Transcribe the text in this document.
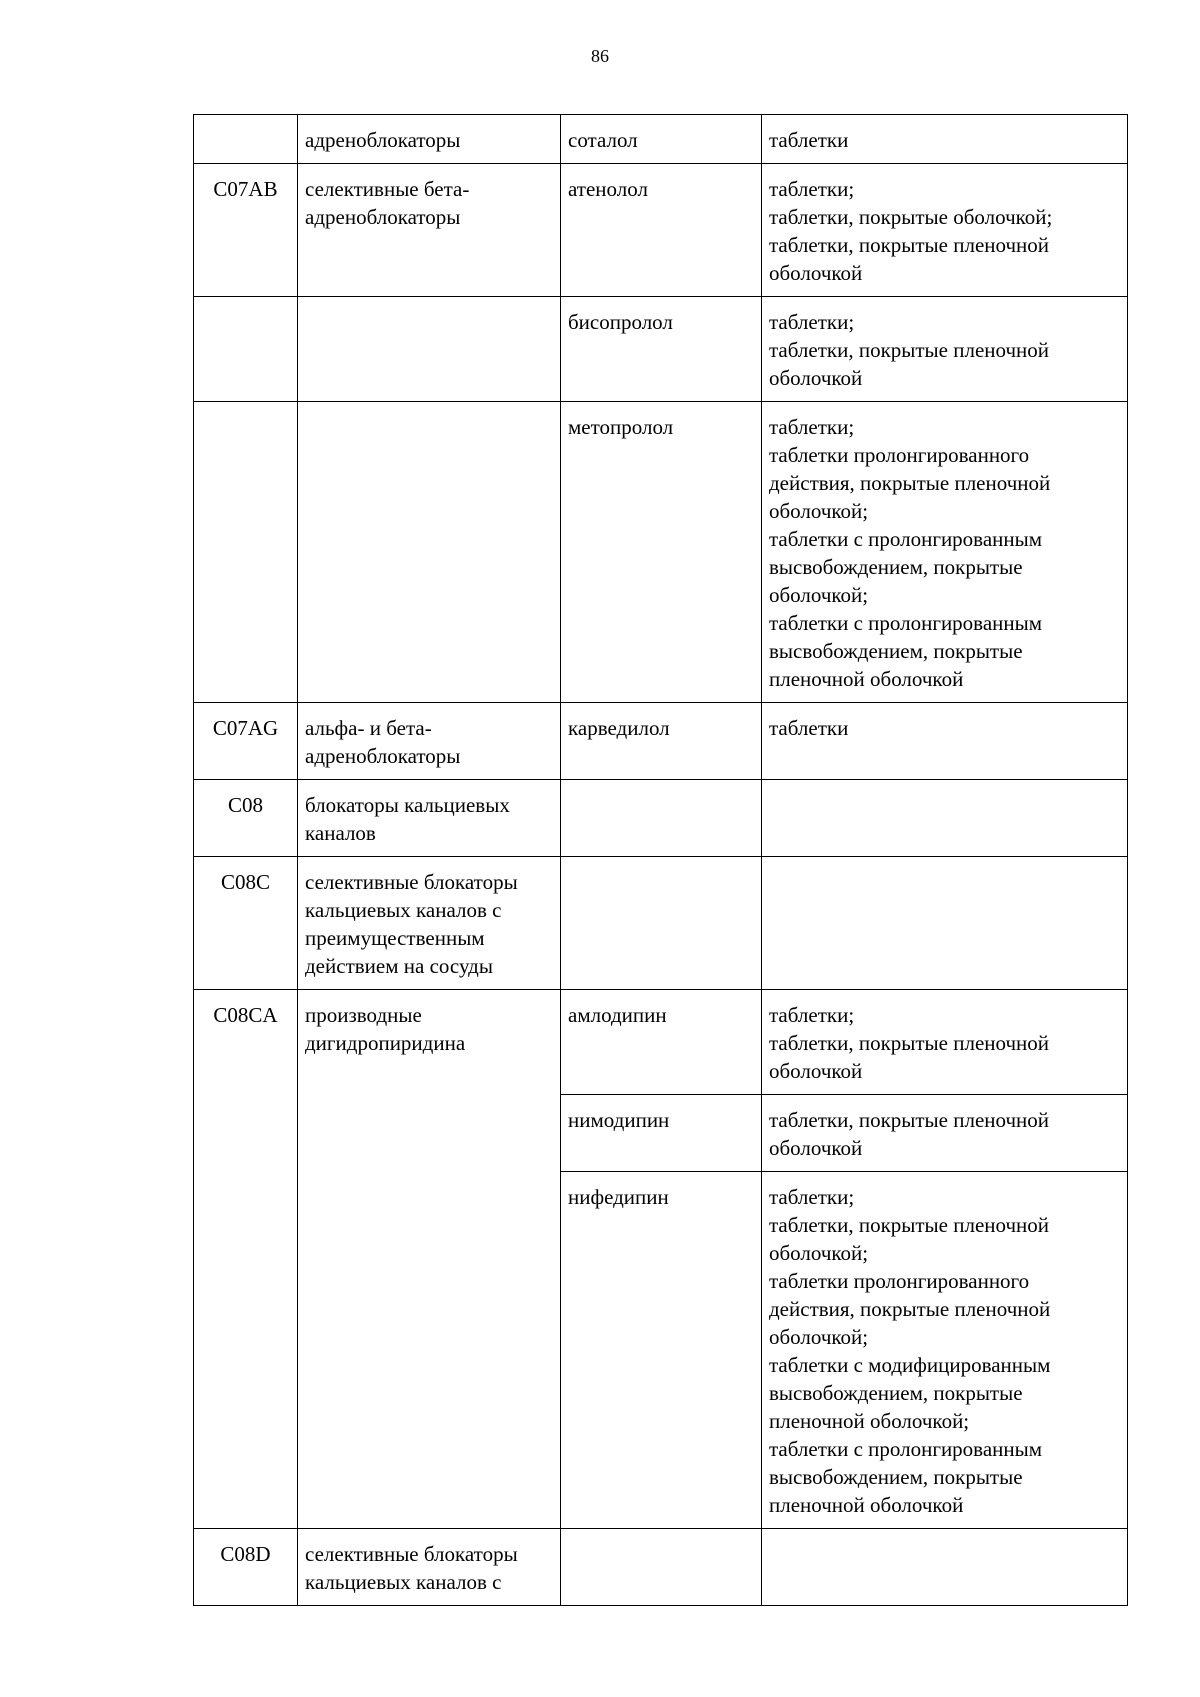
86
	адреноблокаторы	соталол	таблетки

C07AB	селективные бета-адреноблокаторы	атенолол	таблетки;
таблетки, покрытые оболочкой;
таблетки, покрытые пленочной оболочкой

		бисопролол	таблетки;
таблетки, покрытые пленочной оболочкой

		метопролол	таблетки;
таблетки пролонгированного действия, покрытые пленочной оболочкой;
таблетки с пролонгированным высвобождением, покрытые оболочкой;
таблетки с пролонгированным высвобождением, покрытые пленочной оболочкой

C07AG	альфа- и бета-адреноблокаторы	карведилол	таблетки

C08	блокаторы кальциевых каналов		
C08C	селективные блокаторы кальциевых каналов с преимущественным действием на сосуды		
C08CA	производные дигидропиридина	амлодипин	таблетки;
таблетки, покрытые пленочной оболочкой

		нимодипин	таблетки, покрытые пленочной оболочкой

		нифедипин	таблетки;
таблетки, покрытые пленочной оболочкой;
таблетки пролонгированного действия, покрытые пленочной оболочкой;
таблетки с модифицированным высвобождением, покрытые пленочной оболочкой;
таблетки с пролонгированным высвобождением, покрытые пленочной оболочкой

C08D	селективные блокаторы кальциевых каналов с		
